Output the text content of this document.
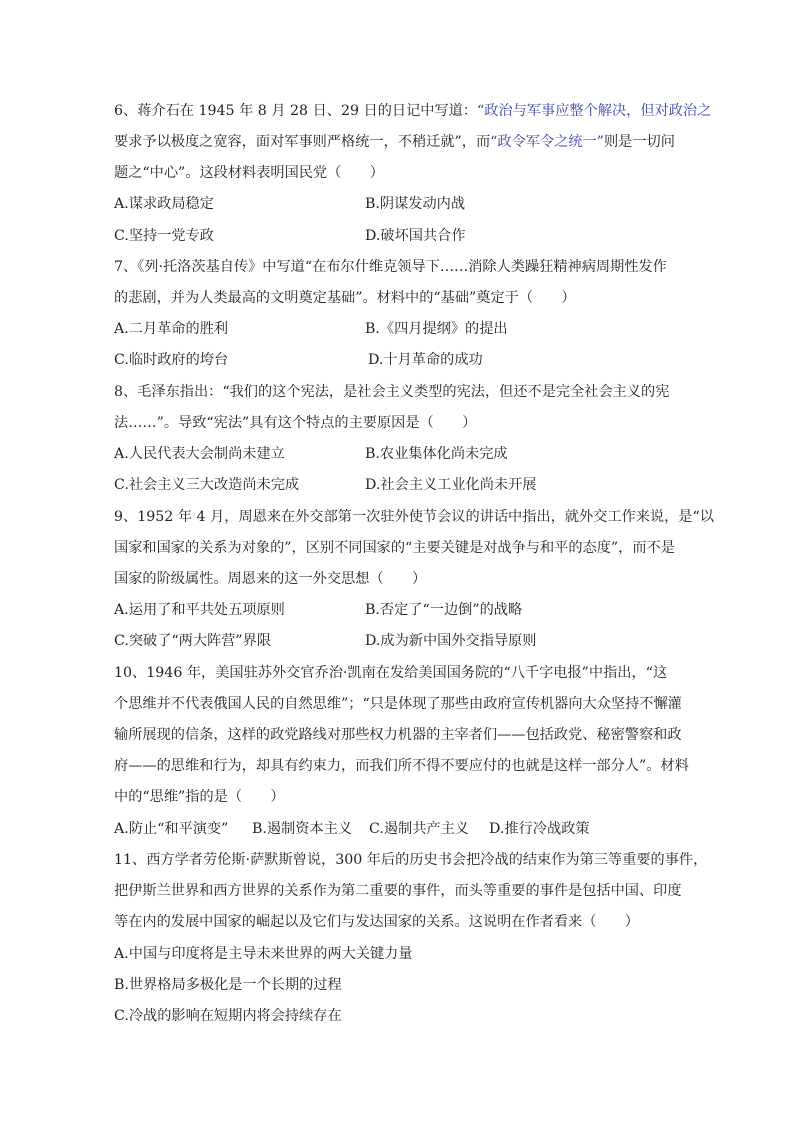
6、蒋介石在 1945 年 8 月 28 日、29 日的日记中写道：“政治与军事应整个解决，但对政治之
要求予以极度之宽容，面对军事则严格统一，不稍迁就”，而“政令军令之统一”则是一切问
题之“中心”。这段材料表明国民党（　　）
A.谋求政局稳定	B.阴谋发动内战
C.坚持一党专政	D.破坏国共合作
7、《列·托洛茨基自传》中写道“在布尔什维克领导下……消除人类躁狂精神病周期性发作
的悲剧，并为人类最高的文明奠定基础”。材料中的“基础”奠定于（　　）
A.二月革命的胜利	B.《四月提纲》的提出
C.临时政府的垮台	D.十月革命的成功
8、毛泽东指出：“我们的这个宪法，是社会主义类型的宪法，但还不是完全社会主义的宪
法……”。导致“宪法”具有这个特点的主要原因是（　　）
A.人民代表大会制尚未建立	B.农业集体化尚未完成
C.社会主义三大改造尚未完成	D.社会主义工业化尚未开展
9、1952 年 4 月，周恩来在外交部第一次驻外使节会议的讲话中指出，就外交工作来说，是“以
国家和国家的关系为对象的”，区别不同国家的“主要关键是对战争与和平的态度”，而不是
国家的阶级属性。周恩来的这一外交思想（　　）
A.运用了和平共处五项原则	B.否定了“一边倒”的战略
C.突破了“两大阵营”界限	D.成为新中国外交指导原则
10、1946 年，美国驻苏外交官乔治·凯南在发给美国国务院的“八千字电报”中指出，“这
个思维并不代表俄国人民的自然思维”；“只是体现了那些由政府宣传机器向大众坚持不懈灌
输所展现的信条，这样的政党路线对那些权力机器的主宰者们——包括政党、秘密警察和政
府——的思维和行为，却具有约束力，而我们所不得不要应付的也就是这样一部分人”。材料
中的“思维”指的是（　　）
A.防止“和平演变” B.遏制资本主义 C.遏制共产主义 D.推行冷战政策
11、西方学者劳伦斯·萨默斯曾说，300 年后的历史书会把冷战的结束作为第三等重要的事件，
把伊斯兰世界和西方世界的关系作为第二重要的事件，而头等重要的事件是包括中国、印度
等在内的发展中国家的崛起以及它们与发达国家的关系。这说明在作者看来（　　）
A.中国与印度将是主导未来世界的两大关键力量
B.世界格局多极化是一个长期的过程
C.冷战的影响在短期内将会持续存在
